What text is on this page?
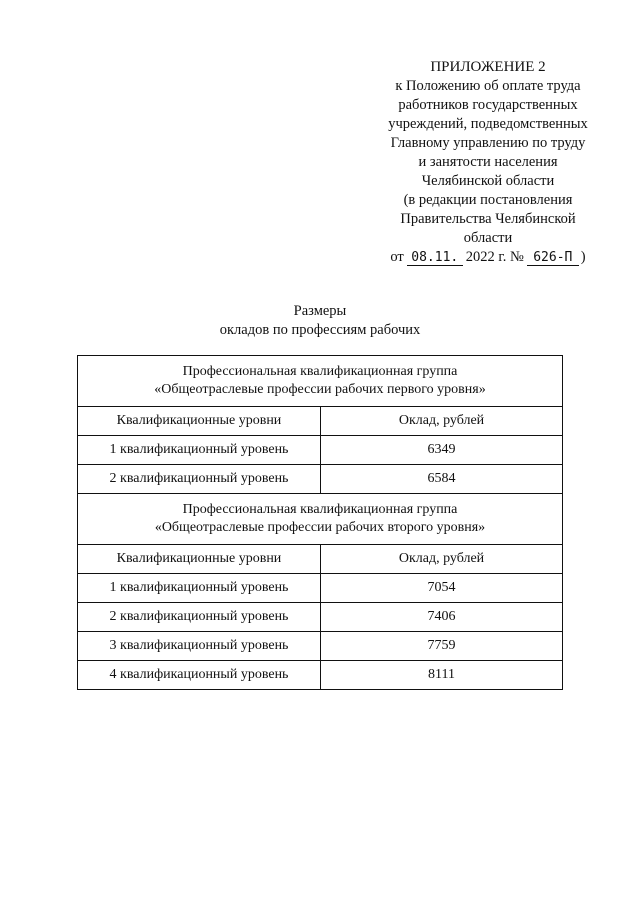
ПРИЛОЖЕНИЕ 2
к Положению об оплате труда
работников государственных
учреждений, подведомственных
Главному управлению по труду
и занятости населения
Челябинской области
(в редакции постановления
Правительства Челябинской
области
от 08.11. 2022 г. № 626-П )
Размеры
окладов по профессиям рабочих
Профессиональная квалификационная группа
«Общеотраслевые профессии рабочих первого уровня»	

Квалификационные уровни	Оклад, рублей
1 квалификационный уровень	6349
2 квалификационный уровень	6584

Профессиональная квалификационная группа
«Общеотраслевые профессии рабочих второго уровня»	

Квалификационные уровни	Оклад, рублей
1 квалификационный уровень	7054
2 квалификационный уровень	7406
3 квалификационный уровень	7759
4 квалификационный уровень	8111
